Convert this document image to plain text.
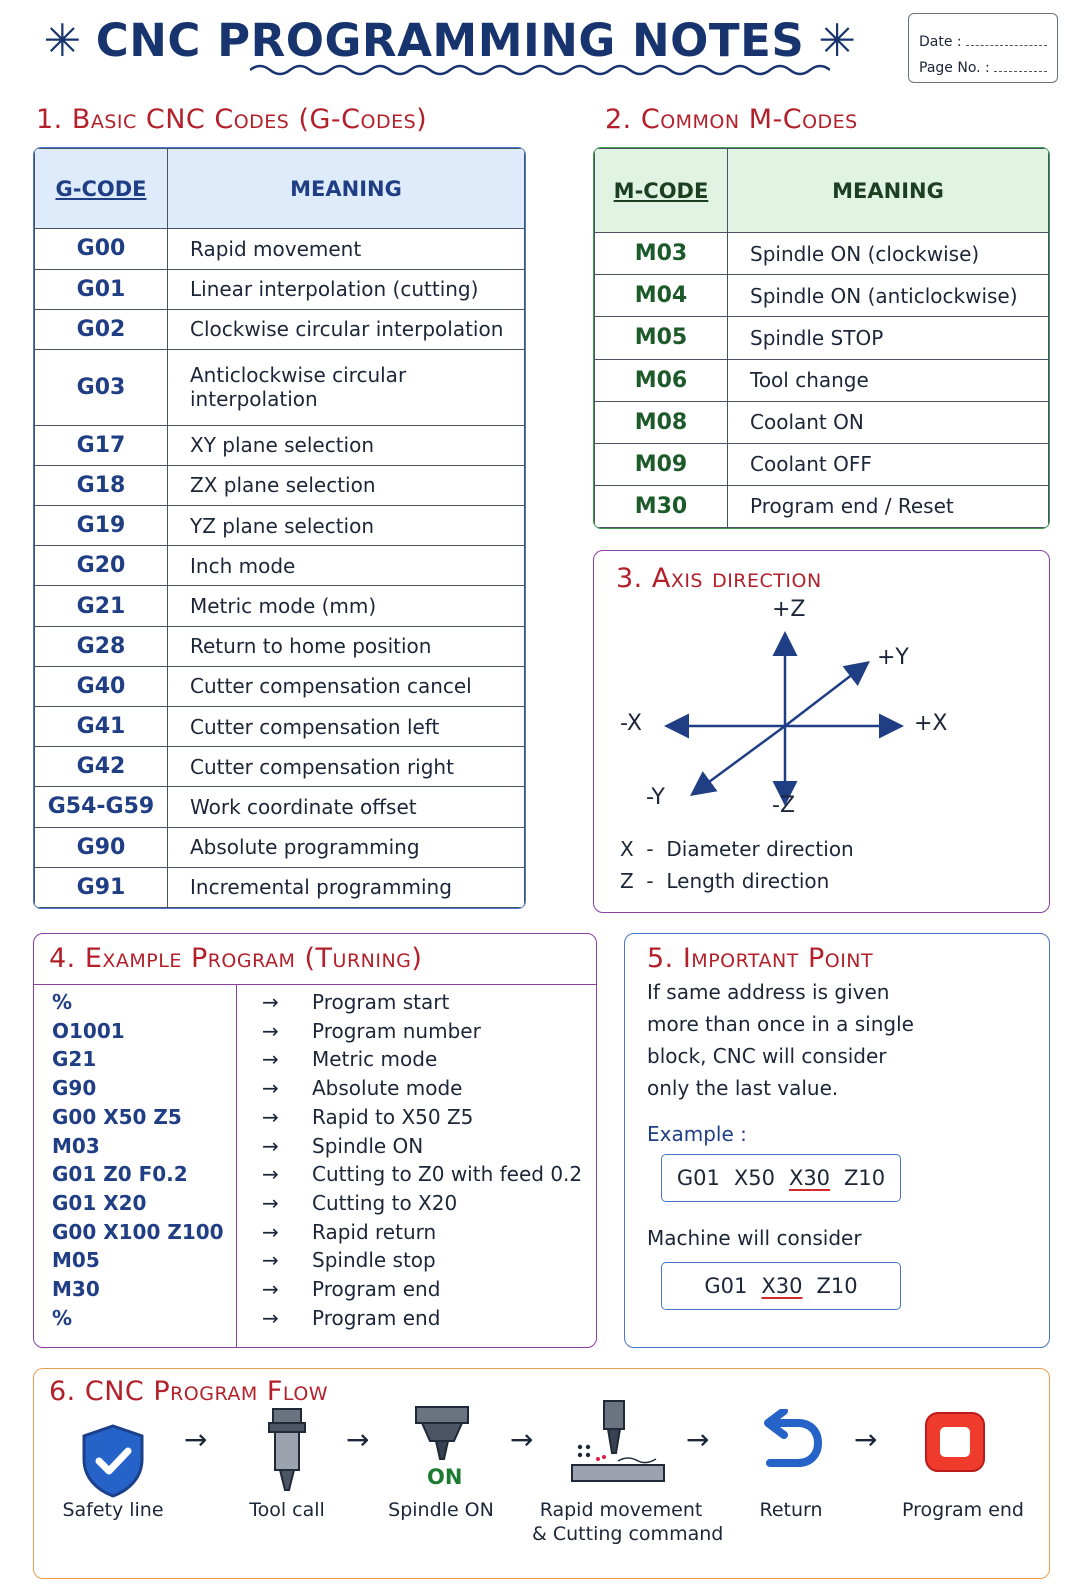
✳ CNC PROGRAMMING NOTES ✳	Date :
Page No. :
1. Basic CNC Codes (G-Codes)
G-CODE	MEANING
G00	Rapid movement
G01	Linear interpolation (cutting)
G02	Clockwise circular interpolation
G03	Anticlockwise circular interpolation
G17	XY plane selection
G18	ZX plane selection
G19	YZ plane selection
G20	Inch mode
G21	Metric mode (mm)
G28	Return to home position
G40	Cutter compensation cancel
G41	Cutter compensation left
G42	Cutter compensation right
G54-G59	Work coordinate offset
G90	Absolute programming
G91	Incremental programming
2. Common M-Codes
M-CODE	MEANING
M03	Spindle ON (clockwise)
M04	Spindle ON (anticlockwise)
M05	Spindle STOP
M06	Tool change
M08	Coolant ON
M09	Coolant OFF
M30	Program end / Reset
3. Axis direction
+Z
-Z
+X
-X
+Y
-Y
X - Diameter direction
Z - Length direction
4. Example Program (Turning)
%	→ Program start
O1001	→ Program number
G21	→ Metric mode
G90	→ Absolute mode
G00 X50 Z5	→ Rapid to X50 Z5
M03	→ Spindle ON
G01 Z0 F0.2	→ Cutting to Z0 with feed 0.2
G01 X20	→ Cutting to X20
G00 X100 Z100 → Rapid return
M05	→ Spindle stop
M30	→ Program end
%	→ Program end
5. Important Point
If same address is given
more than once in a single
block, CNC will consider
only the last value.
Example :
G01 X50 X30 Z10
Machine will consider
G01 X30 Z10
6. CNC Program Flow
ON
→	→	→	→	→
Safety line	Tool call	Spindle ON	Rapid movement
& Cutting command
Return	Program end
